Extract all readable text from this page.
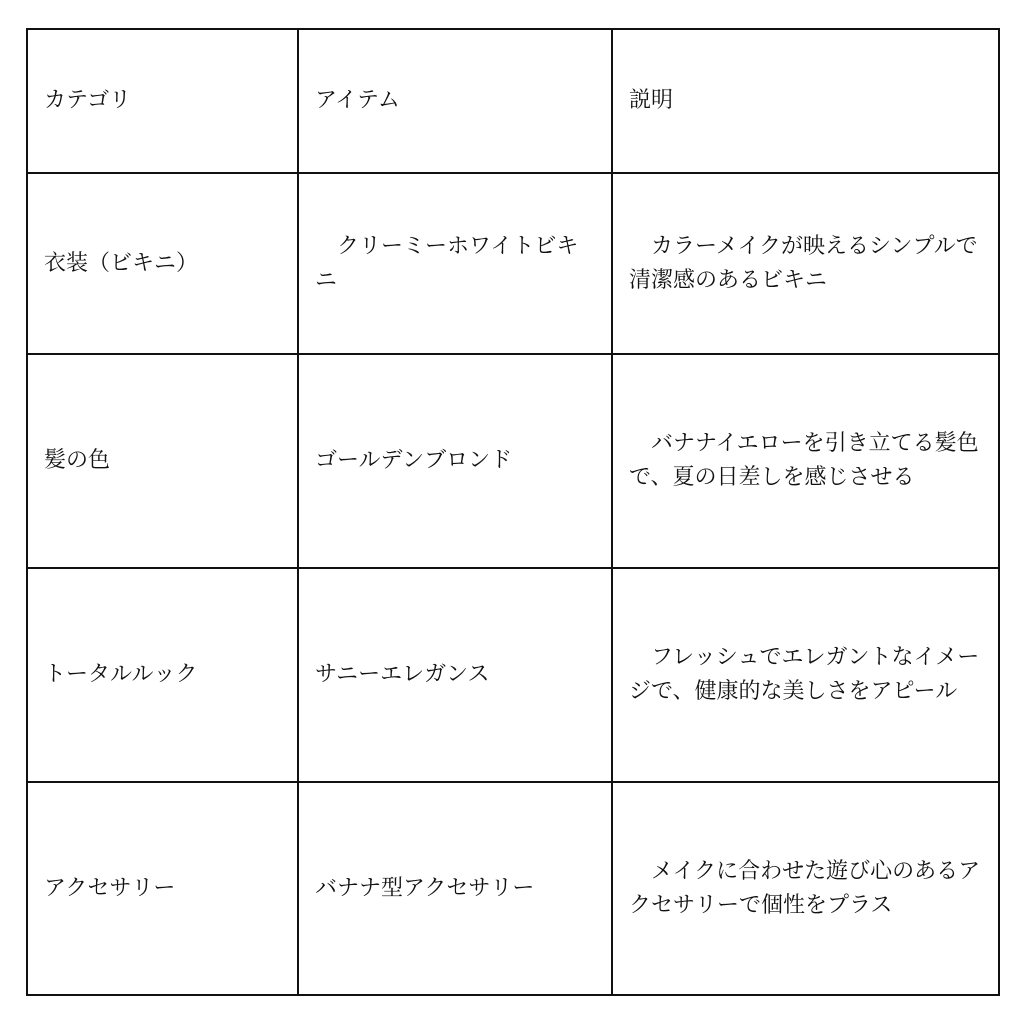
カテゴリ	アイテム	説明

衣装（ビキニ）	　クリーミーホワイトビキニ	　カラーメイクが映えるシンプルで清潔感のあるビキニ

髪の色	ゴールデンブロンド	　バナナイエローを引き立てる髪色で、夏の日差しを感じさせる

トータルルック	サニーエレガンス	　フレッシュでエレガントなイメージで、健康的な美しさをアピール

アクセサリー	バナナ型アクセサリー	　メイクに合わせた遊び心のあるアクセサリーで個性をプラス
